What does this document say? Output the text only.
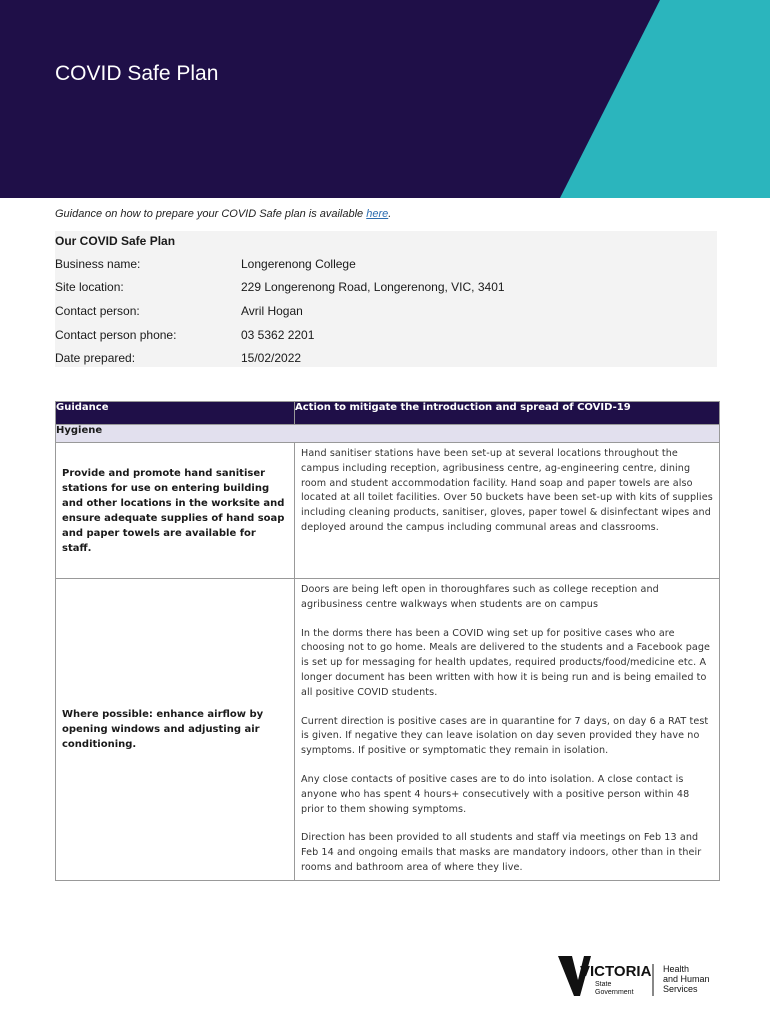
COVID Safe Plan
Guidance on how to prepare your COVID Safe plan is available here.
Our COVID Safe Plan
Business name:	Longerenong College
Site location:	229 Longerenong Road, Longerenong, VIC, 3401
Contact person:	Avril Hogan
Contact person phone:	03 5362 2201
Date prepared:	15/02/2022
Guidance	Action to mitigate the introduction and spread of COVID-19
Hygiene	
Provide and promote hand sanitiser stations for use on entering building and other locations in the worksite and ensure adequate supplies of hand soap and paper towels are available for staff.	Hand sanitiser stations have been set-up at several locations throughout the campus including reception, agribusiness centre, ag-engineering centre, dining room and student accommodation facility. Hand soap and paper towels are also located at all toilet facilities. Over 50 buckets have been set-up with kits of supplies including cleaning products, sanitiser, gloves, paper towel & disinfectant wipes and deployed around the campus including communal areas and classrooms.

Where possible: enhance airflow by opening windows and adjusting air conditioning.	Doors are being left open in thoroughfares such as college reception and agribusiness centre walkways when students are on campus

In the dorms there has been a COVID wing set up for positive cases who are choosing not to go home. Meals are delivered to the students and a Facebook page is set up for messaging for health updates, required products/food/medicine etc. A longer document has been written with how it is being run and is being emailed to all positive COVID students.

Current direction is positive cases are in quarantine for 7 days, on day 6 a RAT test is given. If negative they can leave isolation on day seven provided they have no symptoms. If positive or symptomatic they remain in isolation.

Any close contacts of positive cases are to do into isolation. A close contact is anyone who has spent 4 hours+ consecutively with a positive person within 48 prior to them showing symptoms.

Direction has been provided to all students and staff via meetings on Feb 13 and Feb 14 and ongoing emails that masks are mandatory indoors, other than in their rooms and bathroom area of where they live.

VICTORIA
State
Government
Health
and Human
Services
